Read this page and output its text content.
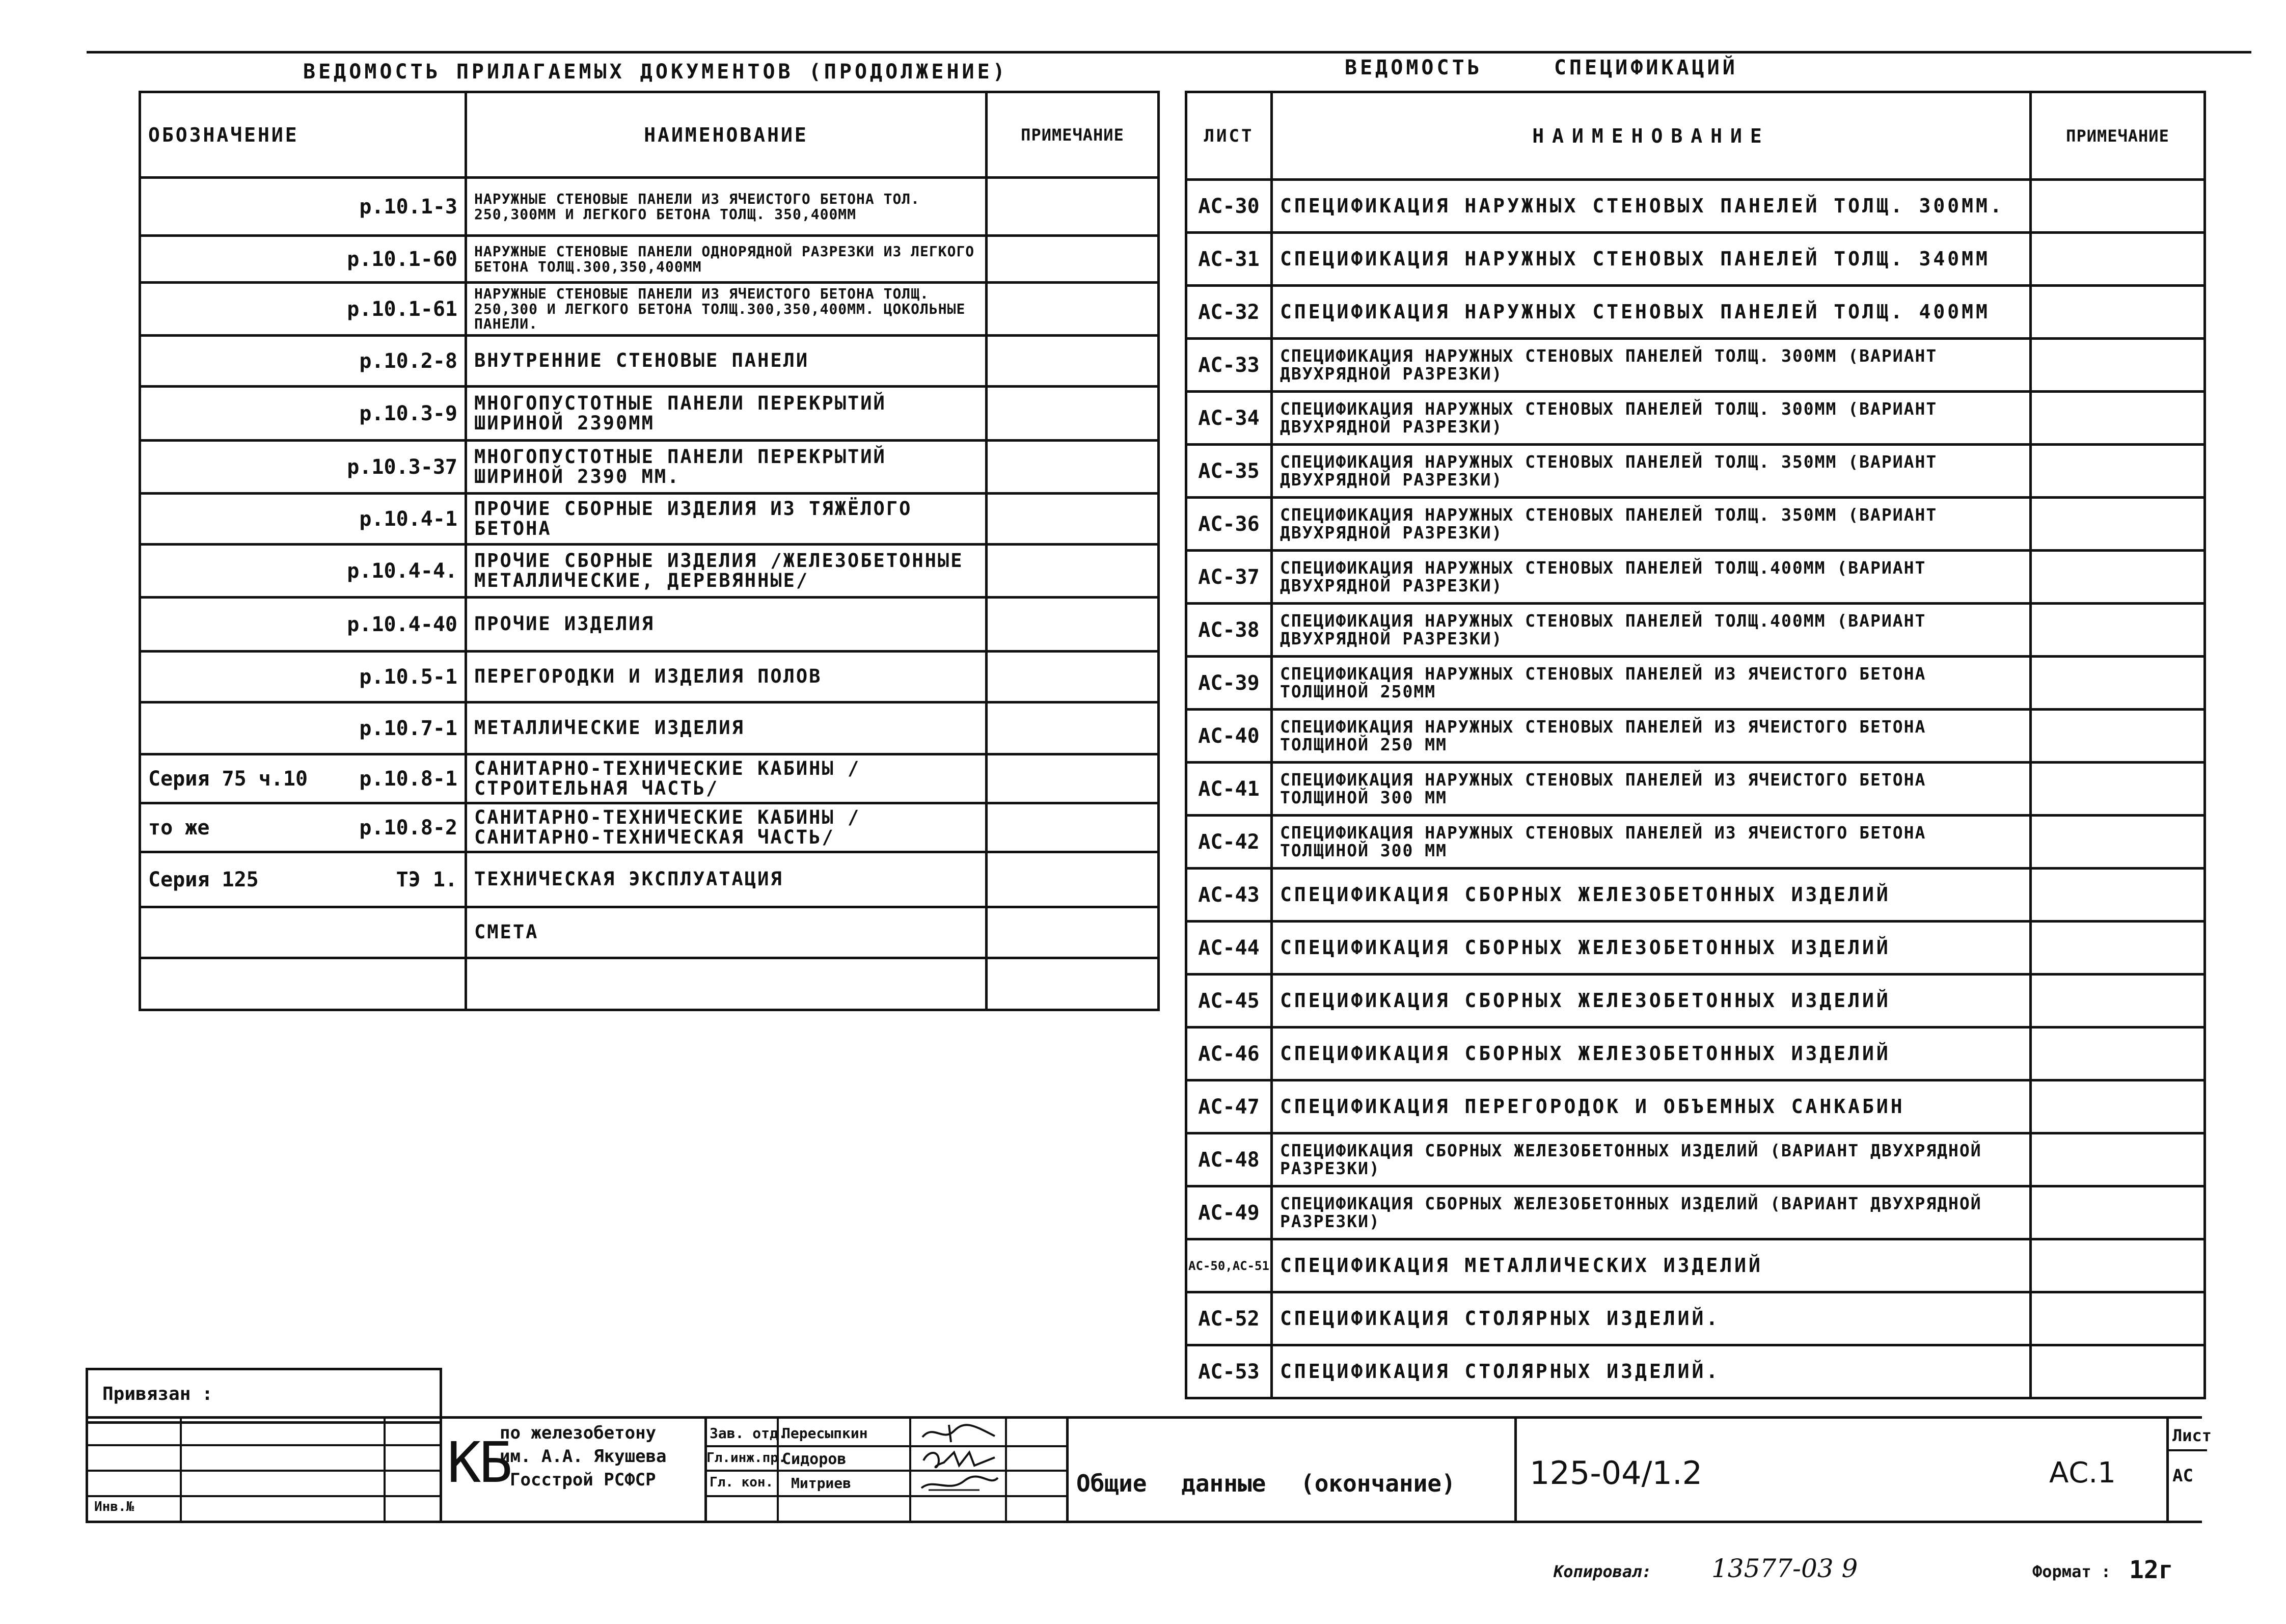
ВЕДОМОСТЬ ПРИЛАГАЕМЫХ ДОКУМЕНТОВ (ПРОДОЛЖЕНИЕ)
ОБОЗНАЧЕНИЕ	НАИМЕНОВАНИЕ	ПРИМЕЧАНИЕ

р.10.1-3	НАРУЖНЫЕ СТЕНОВЫЕ ПАНЕЛИ ИЗ ЯЧЕИСТОГО БЕТОНА ТОЛ. 250,300ММ И ЛЕГКОГО БЕТОНА ТОЛЩ. 350,400ММ	

р.10.1-60	НАРУЖНЫЕ СТЕНОВЫЕ ПАНЕЛИ ОДНОРЯДНОЙ РАЗРЕЗКИ ИЗ ЛЕГКОГО БЕТОНА ТОЛЩ.300,350,400ММ	

р.10.1-61	НАРУЖНЫЕ СТЕНОВЫЕ ПАНЕЛИ ИЗ ЯЧЕИСТОГО БЕТОНА ТОЛЩ. 250,300 И ЛЕГКОГО БЕТОНА ТОЛЩ.300,350,400ММ. ЦОКОЛЬНЫЕ ПАНЕЛИ.	

р.10.2-8	ВНУТРЕННИЕ СТЕНОВЫЕ ПАНЕЛИ	

р.10.3-9	МНОГОПУСТОТНЫЕ ПАНЕЛИ ПЕРЕКРЫТИЙ ШИРИНОЙ 2390ММ	

р.10.3-37	МНОГОПУСТОТНЫЕ ПАНЕЛИ ПЕРЕКРЫТИЙ ШИРИНОЙ 2390 ММ.	

р.10.4-1	ПРОЧИЕ СБОРНЫЕ ИЗДЕЛИЯ ИЗ ТЯЖЁЛОГО БЕТОНА	

р.10.4-4.	ПРОЧИЕ СБОРНЫЕ ИЗДЕЛИЯ /ЖЕЛЕЗОБЕТОННЫЕ МЕТАЛЛИЧЕСКИЕ, ДЕРЕВЯННЫЕ/	

р.10.4-40	ПРОЧИЕ ИЗДЕЛИЯ	

р.10.5-1	ПЕРЕГОРОДКИ И ИЗДЕЛИЯ ПОЛОВ	

р.10.7-1	МЕТАЛЛИЧЕСКИЕ ИЗДЕЛИЯ	

Серия 75 ч.10 р.10.8-1	САНИТАРНО-ТЕХНИЧЕСКИЕ КАБИНЫ /СТРОИТЕЛЬНАЯ ЧАСТЬ/	

то же р.10.8-2	САНИТАРНО-ТЕХНИЧЕСКИЕ КАБИНЫ /САНИТАРНО-ТЕХНИЧЕСКАЯ ЧАСТЬ/	

Серия 125 ТЭ 1.	ТЕХНИЧЕСКАЯ ЭКСПЛУАТАЦИЯ	

	СМЕТА	

ВЕДОМОСТЬ СПЕЦИФИКАЦИЙ
ЛИСТ	НАИМЕНОВАНИЕ	ПРИМЕЧАНИЕ
АС-30	СПЕЦИФИКАЦИЯ НАРУЖНЫХ СТЕНОВЫХ ПАНЕЛЕЙ ТОЛЩ. 300ММ.	
АС-31	СПЕЦИФИКАЦИЯ НАРУЖНЫХ СТЕНОВЫХ ПАНЕЛЕЙ ТОЛЩ. 340ММ	
АС-32	СПЕЦИФИКАЦИЯ НАРУЖНЫХ СТЕНОВЫХ ПАНЕЛЕЙ ТОЛЩ. 400ММ	
АС-33	СПЕЦИФИКАЦИЯ НАРУЖНЫХ СТЕНОВЫХ ПАНЕЛЕЙ ТОЛЩ. 300ММ (ВАРИАНТ ДВУХРЯДНОЙ РАЗРЕЗКИ)	
АС-34	СПЕЦИФИКАЦИЯ НАРУЖНЫХ СТЕНОВЫХ ПАНЕЛЕЙ ТОЛЩ. 300ММ (ВАРИАНТ ДВУХРЯДНОЙ РАЗРЕЗКИ)	
АС-35	СПЕЦИФИКАЦИЯ НАРУЖНЫХ СТЕНОВЫХ ПАНЕЛЕЙ ТОЛЩ. 350ММ (ВАРИАНТ ДВУХРЯДНОЙ РАЗРЕЗКИ)	
АС-36	СПЕЦИФИКАЦИЯ НАРУЖНЫХ СТЕНОВЫХ ПАНЕЛЕЙ ТОЛЩ. 350ММ (ВАРИАНТ ДВУХРЯДНОЙ РАЗРЕЗКИ)	
АС-37	СПЕЦИФИКАЦИЯ НАРУЖНЫХ СТЕНОВЫХ ПАНЕЛЕЙ ТОЛЩ.400ММ (ВАРИАНТ ДВУХРЯДНОЙ РАЗРЕЗКИ)	
АС-38	СПЕЦИФИКАЦИЯ НАРУЖНЫХ СТЕНОВЫХ ПАНЕЛЕЙ ТОЛЩ.400ММ (ВАРИАНТ ДВУХРЯДНОЙ РАЗРЕЗКИ)	
АС-39	СПЕЦИФИКАЦИЯ НАРУЖНЫХ СТЕНОВЫХ ПАНЕЛЕЙ ИЗ ЯЧЕИСТОГО БЕТОНА ТОЛЩИНОЙ 250ММ	
АС-40	СПЕЦИФИКАЦИЯ НАРУЖНЫХ СТЕНОВЫХ ПАНЕЛЕЙ ИЗ ЯЧЕИСТОГО БЕТОНА ТОЛЩИНОЙ 250 ММ	
АС-41	СПЕЦИФИКАЦИЯ НАРУЖНЫХ СТЕНОВЫХ ПАНЕЛЕЙ ИЗ ЯЧЕИСТОГО БЕТОНА ТОЛЩИНОЙ 300 ММ	
АС-42	СПЕЦИФИКАЦИЯ НАРУЖНЫХ СТЕНОВЫХ ПАНЕЛЕЙ ИЗ ЯЧЕИСТОГО БЕТОНА ТОЛЩИНОЙ 300 ММ	
АС-43	СПЕЦИФИКАЦИЯ СБОРНЫХ ЖЕЛЕЗОБЕТОННЫХ ИЗДЕЛИЙ	
АС-44	СПЕЦИФИКАЦИЯ СБОРНЫХ ЖЕЛЕЗОБЕТОННЫХ ИЗДЕЛИЙ	
АС-45	СПЕЦИФИКАЦИЯ СБОРНЫХ ЖЕЛЕЗОБЕТОННЫХ ИЗДЕЛИЙ	
АС-46	СПЕЦИФИКАЦИЯ СБОРНЫХ ЖЕЛЕЗОБЕТОННЫХ ИЗДЕЛИЙ	
АС-47	СПЕЦИФИКАЦИЯ ПЕРЕГОРОДОК И ОБЪЕМНЫХ САНКАБИН	
АС-48	СПЕЦИФИКАЦИЯ СБОРНЫХ ЖЕЛЕЗОБЕТОННЫХ ИЗДЕЛИЙ (ВАРИАНТ ДВУХРЯДНОЙ РАЗРЕЗКИ)	
АС-49	СПЕЦИФИКАЦИЯ СБОРНЫХ ЖЕЛЕЗОБЕТОННЫХ ИЗДЕЛИЙ (ВАРИАНТ ДВУХРЯДНОЙ РАЗРЕЗКИ)	
АС-50,АС-51	СПЕЦИФИКАЦИЯ МЕТАЛЛИЧЕСКИХ ИЗДЕЛИЙ	
АС-52	СПЕЦИФИКАЦИЯ СТОЛЯРНЫХ ИЗДЕЛИЙ.	
АС-53	СПЕЦИФИКАЦИЯ СТОЛЯРНЫХ ИЗДЕЛИЙ.	
Привязан :
Инв.№
КБ
по железобетону
им. А.А. Якушева
Госстрой РСФСР
Зав. отд.
Гл.инж.пр.
Гл. кон.
Пересыпкин
Сидоров
Митриев	Общие данные (окончание) 125-04/1.2	АС.1
Лист
АС
Копировал: 13577-03 9	Формат : 12г
